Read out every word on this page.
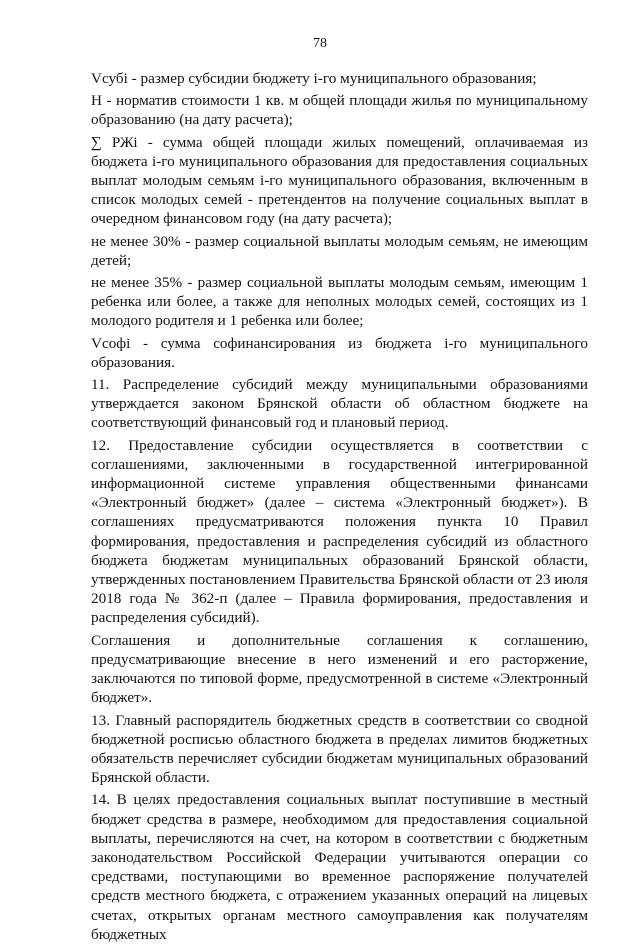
78

Vсубi - размер субсидии бюджету i-го муниципального образования;

Н - норматив стоимости 1 кв. м общей площади жилья по муниципальному образованию (на дату расчета);

∑ РЖi - сумма общей площади жилых помещений, оплачиваемая из бюджета i-го муниципального образования для предоставления социальных выплат молодым семьям i-го муниципального образования, включенным в список молодых семей - претендентов на получение социальных выплат в очередном финансовом году (на дату расчета);

не менее 30% - размер социальной выплаты молодым семьям, не имеющим детей;

не менее 35% - размер социальной выплаты молодым семьям, имеющим 1 ребенка или более, а также для неполных молодых семей, состоящих из 1 молодого родителя и 1 ребенка или более;

Vсофi - сумма софинансирования из бюджета i-го муниципального образования.

11. Распределение субсидий между муниципальными образованиями утверждается законом Брянской области об областном бюджете на соответствующий финансовый год и плановый период.

12. Предоставление субсидии осуществляется в соответствии с соглашениями, заключенными в государственной интегрированной информационной системе управления общественными финансами «Электронный бюджет» (далее – система «Электронный бюджет»). В соглашениях предусматриваются положения пункта 10 Правил формирования, предоставления и распределения субсидий из областного бюджета бюджетам муниципальных образований Брянской области, утвержденных постановлением Правительства Брянской области от 23 июля 2018 года № 362-п (далее – Правила формирования, предоставления и распределения субсидий).

Соглашения и дополнительные соглашения к соглашению, предусматривающие внесение в него изменений и его расторжение, заключаются по типовой форме, предусмотренной в системе «Электронный бюджет».

13. Главный распорядитель бюджетных средств в соответствии со сводной бюджетной росписью областного бюджета в пределах лимитов бюджетных обязательств перечисляет субсидии бюджетам муниципальных образований Брянской области.

14. В целях предоставления социальных выплат поступившие в местный бюджет средства в размере, необходимом для предоставления социальной выплаты, перечисляются на счет, на котором в соответствии с бюджетным законодательством Российской Федерации учитываются операции со средствами, поступающими во временное распоряжение получателей средств местного бюджета, с отражением указанных операций на лицевых счетах, открытых органам местного самоуправления как получателям бюджетных
